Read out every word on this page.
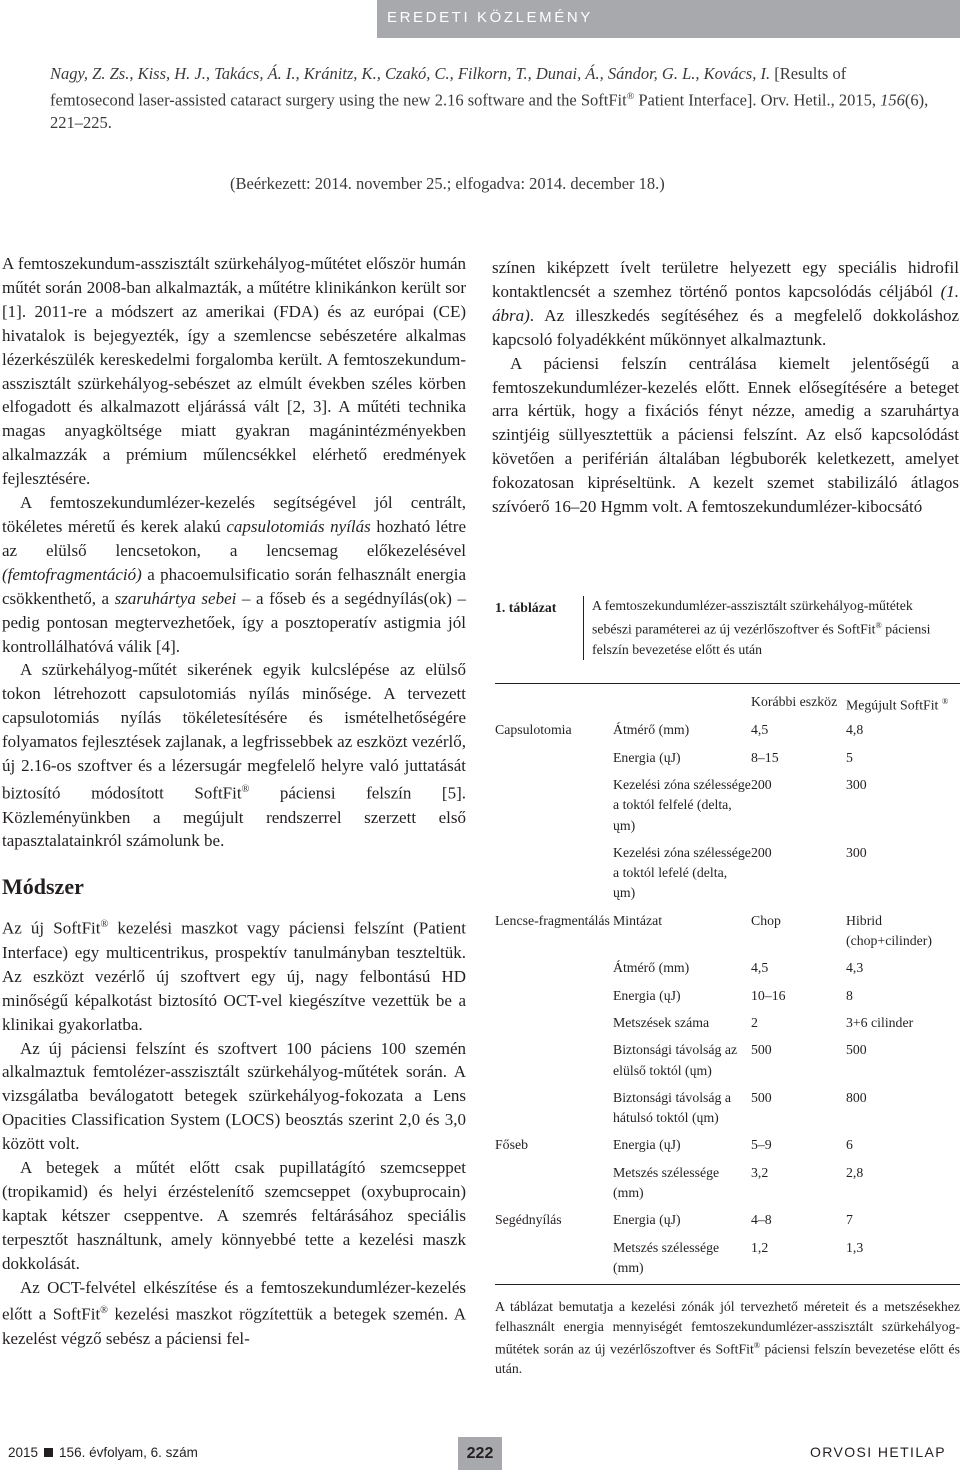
EREDETI KÖZLEMÉNY
Nagy, Z. Zs., Kiss, H. J., Takács, Á. I., Kránitz, K., Czakó, C., Filkorn, T., Dunai, Á., Sándor, G. L., Kovács, I. [Results of femtosecond laser-assisted cataract surgery using the new 2.16 software and the SoftFit® Patient Interface]. Orv. Hetil., 2015, 156(6), 221–225.
(Beérkezett: 2014. november 25.; elfogadva: 2014. december 18.)

A femtoszekundum-asszisztált szürkehályog-műtétet először humán műtét során 2008-ban alkalmazták, a műtétre klinikánkon került sor [1]. 2011-re a módszert az amerikai (FDA) és az európai (CE) hivatalok is bejegyezték, így a szemlencse sebészetére alkalmas lézerkészülék kereskedelmi forgalomba került. A femtoszekundum-asszisztált szürkehályog-sebészet az elmúlt években széles körben elfogadott és alkalmazott eljárássá vált [2, 3]. A műtéti technika magas anyagköltsége miatt gyakran magánintézményekben alkalmazzák a prémium műlencsékkel elérhető eredmények fejlesztésére.

A femtoszekundumlézer-kezelés segítségével jól centrált, tökéletes méretű és kerek alakú capsulotomiás nyílás hozható létre az elülső lencsetokon, a lencsemag előkezelésével (femtofragmentáció) a phacoemulsificatio során felhasznált energia csökkenthető, a szaruhártya sebei – a főseb és a segédnyílás(ok) – pedig pontosan megtervezhetőek, így a posztoperatív astigmia jól kontrollálhatóvá válik [4].

A szürkehályog-műtét sikerének egyik kulcslépése az elülső tokon létrehozott capsulotomiás nyílás minősége. A tervezett capsulotomiás nyílás tökéletesítésére és ismételhetőségére folyamatos fejlesztések zajlanak, a legfrissebbek az eszközt vezérlő, új 2.16-os szoftver és a lézersugár megfelelő helyre való juttatását biztosító módosított SoftFit® páciensi felszín [5]. Közleményünkben a megújult rendszerrel szerzett első tapasztalatainkról számolunk be.

Módszer

Az új SoftFit® kezelési maszkot vagy páciensi felszínt (Patient Interface) egy multicentrikus, prospektív tanulmányban teszteltük. Az eszközt vezérlő új szoftvert egy új, nagy felbontású HD minőségű képalkotást biztosító OCT-vel kiegészítve vezettük be a klinikai gyakorlatba.

Az új páciensi felszínt és szoftvert 100 páciens 100 szemén alkalmaztuk femtolézer-asszisztált szürkehályog-műtétek során. A vizsgálatba beválogatott betegek szürkehályog-fokozata a Lens Opacities Classification System (LOCS) beosztás szerint 2,0 és 3,0 között volt.

A betegek a műtét előtt csak pupillatágító szemcseppet (tropikamid) és helyi érzéstelenítő szemcseppet (oxybuprocain) kaptak kétszer cseppentve. A szemrés feltárásához speciális terpesztőt használtunk, amely könnyebbé tette a kezelési maszk dokkolását.

Az OCT-felvétel elkészítése és a femtoszekundumlézer-kezelés előtt a SoftFit® kezelési maszkot rögzítettük a betegek szemén. A kezelést végző sebész a páciensi fel-

színen kiképzett ívelt területre helyezett egy speciális hidrofil kontaktlencsét a szemhez történő pontos kapcsolódás céljából (1. ábra). Az illeszkedés segítéséhez és a megfelelő dokkoláshoz kapcsoló folyadékként műkönnyet alkalmaztunk.

A páciensi felszín centrálása kiemelt jelentőségű a femtoszekundumlézer-kezelés előtt. Ennek elősegítésére a beteget arra kértük, hogy a fixációs fényt nézze, amedig a szaruhártya szintjéig süllyesztettük a páciensi felszínt. Az első kapcsolódást követően a periférián általában légbuborék keletkezett, amelyet fokozatosan kipréseltünk. A kezelt szemet stabilizáló átlagos szívóerő 16–20 Hgmm volt. A femtoszekundumlézer-kibocsátó

1. táblázat	A femtoszekundumlézer-asszisztált szürkehályog-műtétek sebészi paraméterei az új vezérlőszoftver és SoftFit® páciensi felszín bevezetése előtt és után
		Korábbi eszköz	Megújult SoftFit ®
Capsulotomia	Átmérő (mm)	4,5	4,8
	Energia (ųJ)	8–15	5
	Kezelési zóna szélessége a toktól felfelé (delta, ųm)	200	300
	Kezelési zóna szélessége a toktól lefelé (delta, ųm)	200	300
Lencse-fragmentálás	Mintázat	Chop	Hibrid (chop+cilinder)
	Átmérő (mm)	4,5	4,3
	Energia (ųJ)	10–16	8
	Metszések száma	2	3+6 cilinder
	Biztonsági távolság az elülső toktól (ųm)	500	500
	Biztonsági távolság a hátulsó toktól (ųm)	500	800
Főseb	Energia (ųJ)	5–9	6
	Metszés szélessége (mm)	3,2	2,8
Segédnyílás	Energia (ųJ)	4–8	7
	Metszés szélessége (mm)	1,2	1,3
A táblázat bemutatja a kezelési zónák jól tervezhető méreteit és a metszésekhez felhasznált energia mennyiségét femtoszekundumlézer-asszisztált szürkehályog-műtétek során az új vezérlőszoftver és SoftFit® páciensi felszín bevezetése előtt és után.
2015 156. évfolyam, 6. szám	222	ORVOSI HETILAP
